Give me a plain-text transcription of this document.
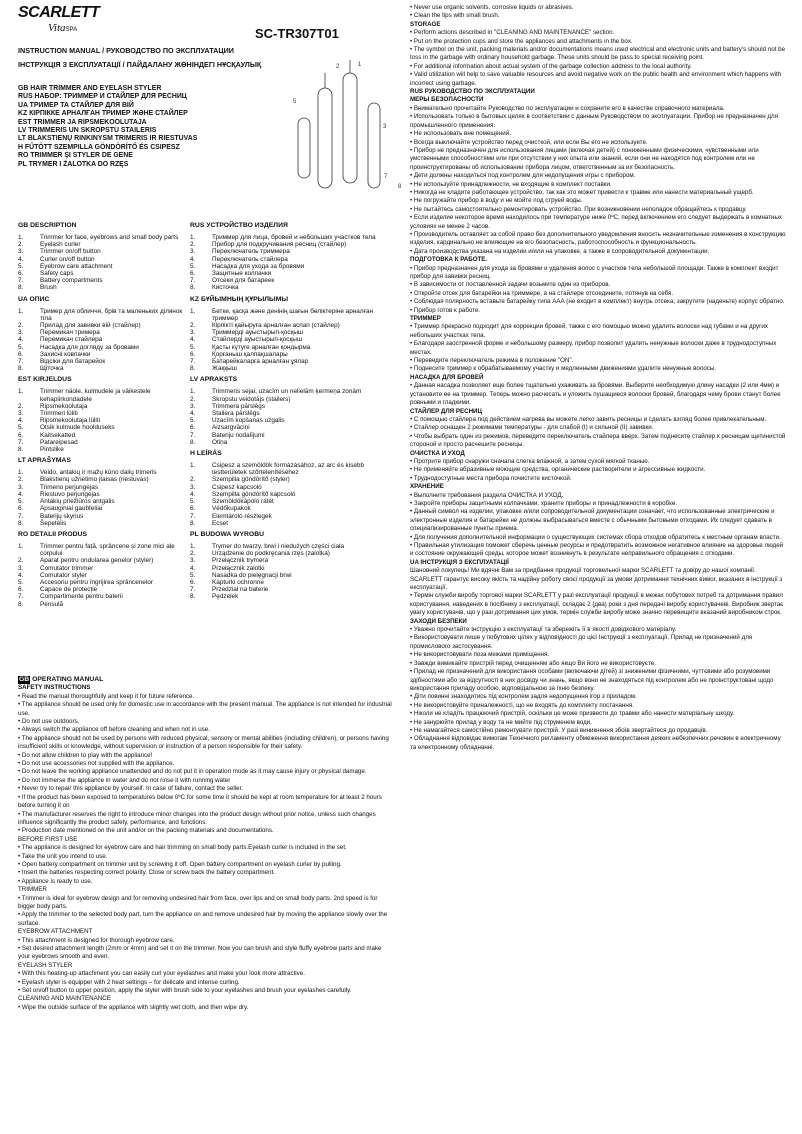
SCARLETT
VitaSPA	SC-TR307T01
INSTRUCTION MANUAL / РУКОВОДСТВО ПО ЭКСПЛУАТАЦИИ
ІНСТРУКЦІЯ З ЕКСПЛУАТАЦІЇ / ПАЙДАЛАНУ ЖӨНІНДЕГІ НҰСҚАУЛЫҚ
GB HAIR TRIMMER AND EYELASH STYLER
RUS НАБОР: ТРИММЕР И СТАЙЛЕР ДЛЯ РЕСНИЦ
UA ТРИМЕР ТА СТАЙЛЕР ДЛЯ ВІЙ
KZ КІРПІККЕ АРНАЛҒАН ТРИМЕР ЖӘНЕ СТАЙЛЕР
EST TRIMMER JA RIPSMEKOOLUTAJA
LV TRIMMERIS UN SKROPSTU STAILERIS
LT BLAKSTIENŲ RINKINYSM TRIMERIS IR RIESTUVAS
H FŰTÖTT SZEMPILLA GÖNDÖRÍTŐ ÉS CSIPESZ
RO TRIMMER ŞI STYLER DE GENE
PL TRYMER I ŻALOTKA DO RZĘS
2	1
3
5
7
8
GB DESCRIPTION
1.	Trimmer for face, eyebrows and small body parts
2.	Eyelash curler
3.	Trimmer on/off button
4.	Curler on/off button
5.	Eyebrow care attachment
6.	Safety caps
7.	Battery compartments
8.	Brush
UA ОПИС
1.	Тример для обличчя, брів та маленьких ділянок тіла
2.	Прилад для завивки вій (стайлер)
3.	Перемикач тримера
4.	Перемикач стайлера
5.	Насадка для догляду за бровами
6.	Захисні ковпачки
7.	Відсіки для батарейок
8.	Щіточка
EST KIRJELDUS
1.	Trimmer näole, kulmudele ja väikestele kehapiirkondadele
2.	Ripsmekoolutaja
3.	Trimmeri lüliti
4.	Ripsmekoolutaja lüliti
5.	Otsik kulmude hoolduseks
6.	Kaitsekatted
7.	Patareipesad
8.	Pintslike
LT APRAŠYMAS
1.	Veido, antakių ir mažų kūno dalių trimeris
2.	Blakstienų užriėtimo įtaisas (riestuvas)
3.	Trimerio perjungėjas
4.	Riestuvo perjungėjas
5.	Antakių priežiūros antgalis
6.	Apsauginiai gaubteliai
7.	Baterijų skyrius
8.	Šepetėlis
RO DETALII PRODUS
1.	Trimmer pentru față, sprâncene și zone mici ale corpului
2.	Aparat pentru ondularea genelor (styler)
3.	Comutator trimmer
4.	Comutator styler
5.	Accesoriu pentru îngrijirea sprâncenelor
6.	Capace de protecție
7.	Compartimente pentru baterii
8.	Pensulă
RUS УСТРОЙСТВО ИЗДЕЛИЯ
1.	Триммер для лица, бровей и небольших участков тела
2.	Прибор для подкручивания ресниц (стайлер)
3.	Переключатель триммера
4.	Переключатель стайлера
5.	Насадка для ухода за бровями
6.	Защитные колпачки
7.	Отсеки для батареек
8.	Кисточка
KZ БҰЙЫМНЫҢ ҚҰРЫЛЫМЫ
1.	Бетке, қасқа және денінің шағын бөліктеріне арналған триммер
2.	Кірпікті қайыруға арналған аспап (стайлер)
3.	Триммерді ауыстырып-қосқыш
4.	Стайлерді ауыстырып-қосқыш
5.	Қасты күтуге арналған қондырма
6.	Қорғаныш қалпақшалары
7.	Батарейкаларға арналған ұялар
8.	Жаққыш
LV APRAKSTS
1.	Trimmeris sejai, uzacīm un nelielām ķermeņa zonām
2.	Skropstu veidotājs (stailers)
3.	Trimmera pārslēgs
4.	Stailera pārslēgs
5.	Uzacīm kopšanas uzgalis
6.	Aizsargvāciņi
7.	Bateriju nodalījumi
8.	Otiņa
H LEÍRÁS
1.	Csipesz a szemöldök formázásához, az arc és kisebb testterületek szőrtelenítéséhez
2.	Szempilla göndörítő (styler)
3.	Csipesz kapcsoló
4.	Szempilla göndörítő kapcsoló
5.	Szemöldökápoló rátét
6.	Védőkupakok
7.	Elemtároló részlegek
8.	Ecset
PL BUDOWA WYROBU
1.	Trymer do twarzy, brwi i niedużych części ciała
2.	Urządzenie do podkręcania rzęs (zalotka)
3.	Przełącznik trymera
4.	Przełącznik zalotki
5.	Nasadka do pielęgnacji brwi
6.	Kapturki ochronne
7.	Przedział na baterie
8.	Pędzelek
GB OPERATING MANUAL
SAFETY INSTRUCTIONS

• Read the manual thoroughfully and keep it for future reference.

• The appliance should be used only for domestic use in accordance with the present manual. The appliance is not intended for industrial use.

• Do not use outdoors.

• Always switch the appliance off before cleaning and when not in use.

• The appliance should not be used by persons with reduced physical, sensory or mental abilities (including children), or persons having insufficient skills or knowledge, without supervision or instruction of a person responsible for their safety.

• Do not allow children to play with the appliance!

• Do not use accessories not supplied with the appliance.

• Do not leave the working appliance unattended and do not put it in operation mode as it may cause injury or physical damage.

• Do not immerse the appliance in water and do not rinse it with running water

• Never try to repair this appliance by yourself. In case of failure, contact the seller.

• If the product has been exposed to temperatures below 0ºC for some time it should be kept at room temperature for at least 2 hours before turning it on

• The manufacturer reserves the right to introduce minor changes into the product design without prior notice, unless such changes influence significantly the product safety, performance, and functions.

• Production date mentioned on the unit and/or on the packing materials and documentations.

BEFORE FIRST USE

• The appliance is designed for eyebrow care and hair trimming on small body parts.Eyelash curler is included in the set.

• Take the unit you intend to use.

• Open battery compartment on trimmer unit by screwing it off. Open battery compartment on eyelash curler by pulling.

• Insert the batteries respecting correct polarity. Close or screw back the battery compartment.

• Appliance is ready to use.

TRIMMER

• Trimmer is ideal for eyebrow design and for removing undesired hair from face, over lips and on small body parts. 2nd speed is for bigger body parts.

• Apply the trimmer to the selected body part, turn the appliance on and remove undesired hair by moving the appliance slowly over the surface.

EYEBROW ATTACHMENT

• This attachment is designed for thorough eyebrow care.

• Set desired attachment length (2mm or 4mm) and set it on the trimmer. Now you can brush and style fluffy eyebrow parts and make your eyebrows smooth and even.

EYELASH STYLER

• With this heating-up attachment you can easily curl your eyelashes and make your look more attractive.

• Eyelash styler is equipper with 2 heat settings – for delicate and intense curling.

• Set on/off button to upper position, apply the styler with brush side to your eyelashes and brush your eyelashes carefully.

CLEANING AND MAINTENANCE

• Wipe the outside surface of the appliance with slightly wet cloth, and then wipe dry.

• Never use organic solvents, corrosive liquids or abrasives.

• Clean the tips with small brush.

STORAGE

• Perform actions described in "CLEANING AND MAINTENANCE" section.

• Put on the protection cups and store the appliances and attachments in the box.

• The symbol on the unit, packing materials and/or documentations means used electrical and electronic units and battery's should not be toss in the garbage with ordinary household garbage. These units should be pass to special receiving point.

• For additional information about actual system of the garbage collection address to the local authority.

• Valid utilization will help to save valuable resources and avoid negative work on the public health and environment which happens with incorrect using garbage.

RUS РУКОВОДСТВО ПО ЭКСПЛУАТАЦИИ

МЕРЫ БЕЗОПАСНОСТИ

• Внимательно прочитайте Руководство по эксплуатации и сохраните его в качестве справочного материала.

• Использовать только в бытовых целях в соответствии с данным Руководством по эксплуатации. Прибор не предназначен для промышленного применения.

• Не использовать вне помещений.

• Всегда выключайте устройство перед очисткой, или если Вы его не используете.

• Прибор не предназначен для использования лицами (включая детей) с пониженными физическими, чувственными или умственными способностями или при отсутствии у них опыта или знаний, если они не находятся под контролем или не проинструктированы об использовании прибора лицом, ответственным за их безопасность.

• Дети должны находиться под контролем для недопущения игры с прибором.

• Не используйте принадлежности, не входящие в комплект поставки.

• Никогда не кладите работающее устройство, так как это может привести к травме или нанести материальный ущерб.

• Не погружайте прибор в воду и не мойте под струей воды.

• Не пытайтесь самостоятельно ремонтировать устройство. При возникновении неполадок обращайтесь к продавцу.

• Если изделие некоторое время находилось при температуре ниже 0ºC, перед включением его следует выдержать в комнатных условиях не менее 2 часов.

• Производитель оставляет за собой право без дополнительного уведомления вносить незначительные изменения в конструкцию изделия, кардинально не влияющие на его безопасность, работоспособность и функциональность.

• Дата производства указана на изделии и/или на упаковке, а также в сопроводительной документации.

ПОДГОТОВКА К РАБОТЕ.

• Прибор предназначен для ухода за бровями и удаления волос с участков тела небольшой площади. Также в комплект входит прибор для завивки ресниц.

• В зависимости от поставленной задачи возьмите один из приборов.

• Откройте отсек для батарейки на триммере, а на стайлере отсоедините, потянув на себя.

• Соблюдая полярность вставьте батарейку типа ААА (не входит в комплект) внутрь отсека, закрутите (наденьте) корпус обратно.

• Прибор готов к работе.

ТРИММЕР

• Триммер прекрасно подходит для коррекции бровей, также с его помощью можно удалить волоски над губами и на других небольших участках тела.

• Благодаря заостренной форме и небольшому размеру, прибор позволит удалить ненужные волоски даже в труднодоступных местах.

• Переведите переключатель режима в положение "ON".

• Поднесите триммер к обрабатываемому участку и медленными движениями удалите ненужные волосы.

НАСАДКА ДЛЯ БРОВЕЙ

• Данная насадка позволяет еще более тщательно ухаживать за бровями. Выберите необходимую длину насадки (2 или 4мм) и установите ее на триммер. Теперь можно расчесать и уложить пушащиеся волоски бровей, благодаря чему брови станут более ровными и гладкими.

СТАЙЛЕР ДЛЯ РЕСНИЦ

• С помощью стайлера под действием нагрева вы можете легко завить ресницы и сделать взгляд более привлекательным.

• Стайлер оснащен 2 режимами температуры - для слабой (I) и сильной (II) завивки.

• Чтобы выбрать один из режимов, переведите переключатель стайлера вверх. Затем поднесите стайлер к ресницам щетинистой стороной и просто расчешите ресницы.

ОЧИСТКА И УХОД

• Протрите прибор снаружи сначала слегка влажной, а затем сухой мягкой тканью.

• Не применяйте абразивные моющие средства, органические растворители и агрессивные жидкости.

• Труднодоступные места прибора почистите кисточкой.

ХРАНЕНИЕ

• Выполните требования раздела ОЧИСТКА И УХОД.

• Закройте приборы защитными колпачками, храните приборы и принадлежности в коробке.

• Данный символ на изделии, упаковке и/или сопроводительной документации означает, что использованные электрические и электронные изделия и батарейки не должны выбрасываться вместе с обычными бытовыми отходами. Их следует сдавать в специализированные пункты приема.

• Для получения дополнительной информации о существующих системах сбора отходов обратитесь к местным органам власти.

• Правильная утилизация поможет сберечь ценные ресурсы и предотвратить возможное негативное влияние на здоровье людей и состояние окружающей среды, которое может возникнуть в результате неправильного обращения с отходами.

UA ІНСТРУКЦІЯ З ЕКСПЛУАТАЦІЇ

Шановний покупець! Ми вдячні Вам за придбання продукції торговельної марки SCARLETT та довіру до нашої компанії. SCARLETT гарантує високу якість та надійну роботу своєї продукції за умови дотримання технічних вимог, вказаних в інструкції з експлуатації.

• Термін служби виробу торгової марки SCARLETT у разі експлуатації продукції в межах побутових потреб та дотримання правил користування, наведених в посібнику з експлуатації, складає 2 (два) роки з дня передачі виробу користувачеві. Виробник звертає увагу користувачів, що у разі дотримання цих умов, термін служби виробу може значно перевищити вказаний виробником строк.

ЗАХОДИ БЕЗПЕКИ

• Уважно прочитайте Інструкцію з експлуатації та збережіть її в якості довідкового матеріалу.

• Використовувати лише у побутових цілях у відповідності до цієї Інструкції з експлуатації. Прилад не призначений для промислового застосування.

• Не використовувати поза межами приміщення.

• Завжди вимикайте пристрій перед очищенням або якщо Ви його не використовуєте.

• Прилад не призначений для використання особами (включаючи дітей) зі зниженими фізичними, чуттєвими або розумовими здібностями або за відсутності в них досвіду чи знань, якщо вони не знаходяться під контролем або не проінструктовані щодо використання приладу особою, відповідальною за їхню безпеку.

• Діти повинні знаходитись під контролем задля недопущення ігор з приладом.

• Не використовуйте приналежності, що не входять до комплекту постачання.

• Ніколи не кладіть працюючий пристрій, оскільки це може призвести до травми або нанести матеріальну шкоду.

• Не занурюйте прилад у воду та не мийте під струменем води.

• Не намагайтеся самостійно ремонтувати пристрій. У разі виникнення збоїв звертайтеся до продавців.

• Обладнання відповідає вимогам Технічного регламенту обмеження використання деяких небезпечних речовин в електричному та електронному обладнанні.
